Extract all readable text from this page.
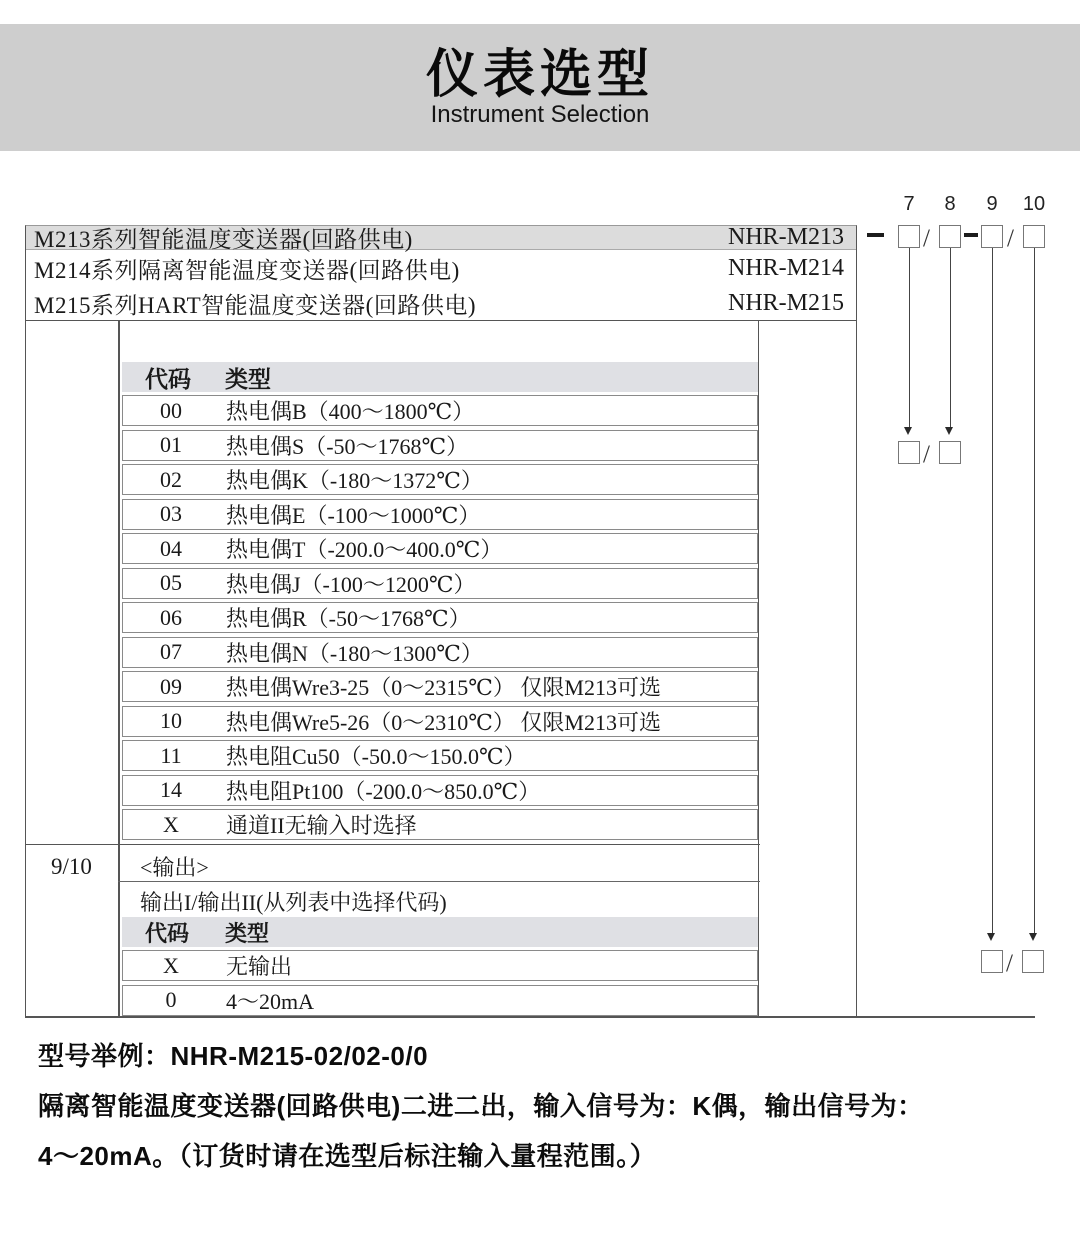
仪表选型
Instrument Selection
M213系列智能温度变送器(回路供电)	NHR-M213
M214系列隔离智能温度变送器(回路供电)	NHR-M214
M215系列HART智能温度变送器(回路供电)	NHR-M215
代码	类型
00	热电偶B（400～1800℃）
01	热电偶S（-50～1768℃）
02	热电偶K（-180～1372℃）
03	热电偶E（-100～1000℃）
04	热电偶T（-200.0～400.0℃）
05	热电偶J（-100～1200℃）
06	热电偶R（-50～1768℃）
07	热电偶N（-180～1300℃）
09	热电偶Wre3-25（0～2315℃） 仅限M213可选
10	热电偶Wre5-26（0～2310℃） 仅限M213可选
11	热电阻Cu50（-50.0～150.0℃）
14	热电阻Pt100（-200.0～850.0℃）
X	通道II无输入时选择
9/10	<输出>
输出I/输出II(从列表中选择代码)
代码	类型
X	无输出
0	4～20mA
7	8	9	10
/	/
/
/
型号举例：NHR-M215-02/02-0/0
隔离智能温度变送器(回路供电)二进二出，输入信号为：K偶，输出信号为：
4～20mA。（订货时请在选型后标注输入量程范围。）
